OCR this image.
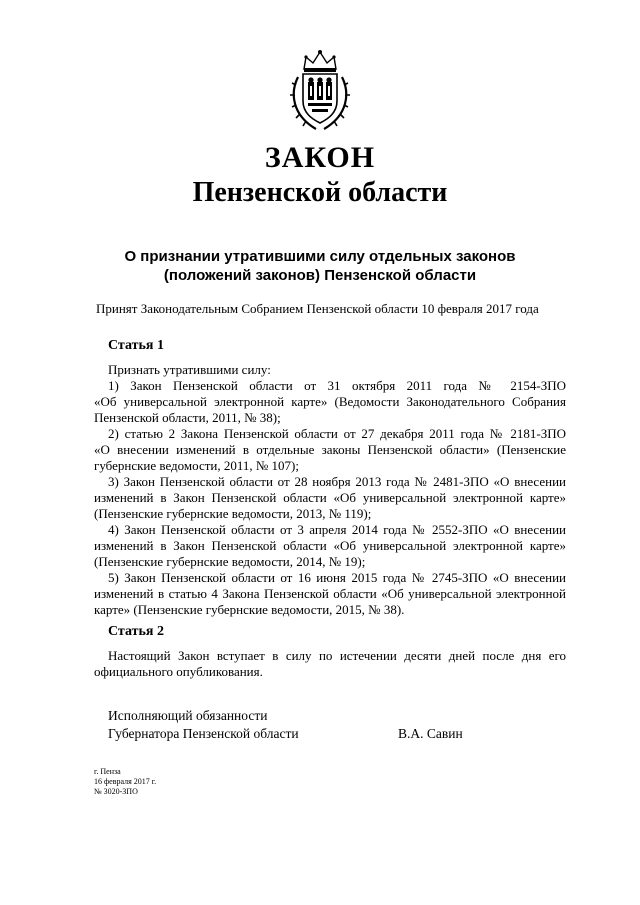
ЗАКОН
Пензенской области
О признании утратившими силу отдельных законов
(положений законов) Пензенской области
Принят Законодательным Собранием Пензенской области 10 февраля 2017 года
Статья 1
Признать утратившими силу:
1) Закон Пензенской области от 31 октября 2011 года № 2154-ЗПО
«Об универсальной электронной карте» (Ведомости Законодательного Собрания
Пензенской области, 2011, № 38);
2) статью 2 Закона Пензенской области от 27 декабря 2011 года № 2181-ЗПО
«О внесении изменений в отдельные законы Пензенской области» (Пензенские
губернские ведомости, 2011, № 107);
3) Закон Пензенской области от 28 ноября 2013 года № 2481-ЗПО «О внесении
изменений в Закон Пензенской области «Об универсальной электронной карте»
(Пензенские губернские ведомости, 2013, № 119);
4) Закон Пензенской области от 3 апреля 2014 года № 2552-ЗПО «О внесении
изменений в Закон Пензенской области «Об универсальной электронной карте»
(Пензенские губернские ведомости, 2014, № 19);
5) Закон Пензенской области от 16 июня 2015 года № 2745-ЗПО «О внесении
изменений в статью 4 Закона Пензенской области «Об универсальной электронной
карте» (Пензенские губернские ведомости, 2015, № 38).
Статья 2
Настоящий Закон вступает в силу по истечении десяти дней после дня его
официального опубликования.
Исполняющий обязанности
Губернатора Пензенской области	В.А. Савин
г. Пенза
16 февраля 2017 г.
№ 3020-ЗПО
